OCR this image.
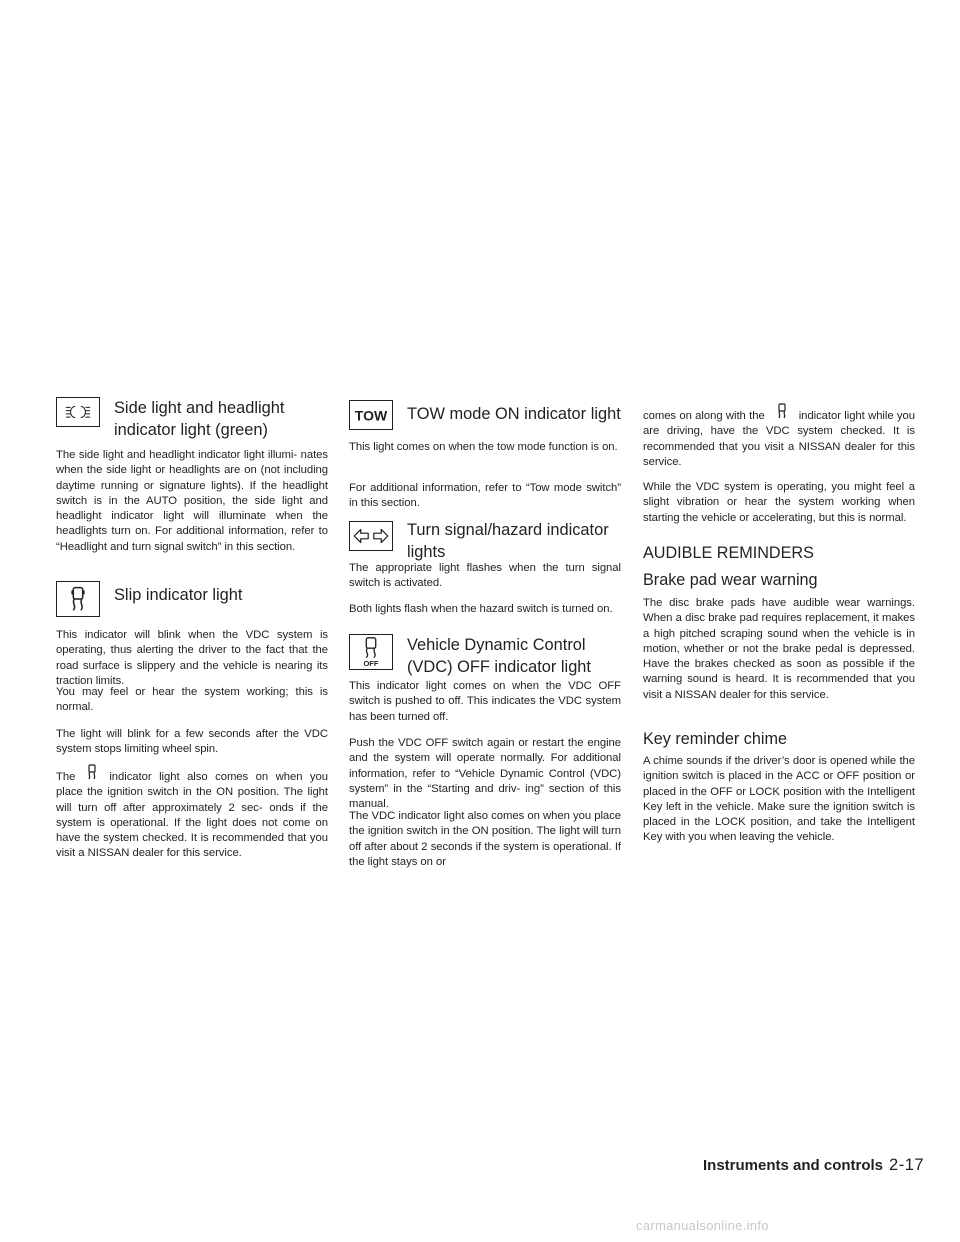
Side light and headlight indicator light (green)

The side light and headlight indicator light illumi- nates when the side light or headlights are on (not including daytime running or signature lights). If the headlight switch is in the AUTO position, the side light and headlight indicator light will illuminate when the headlights turn on. For additional information, refer to “Headlight and turn signal switch” in this section.

Slip indicator light

This indicator will blink when the VDC system is operating, thus alerting the driver to the fact that the road surface is slippery and the vehicle is nearing its traction limits.

You may feel or hear the system working; this is normal.

The light will blink for a few seconds after the VDC system stops limiting wheel spin.

The	indicator light also comes on when you place the ignition switch in the ON position. The light will turn off after approximately 2 sec- onds if the system is operational. If the light does not come on have the system checked. It is recommended that you visit a NISSAN dealer for this service.

TOW TOW mode ON indicator light

This light comes on when the tow mode function is on.

For additional information, refer to “Tow mode switch” in this section.

Turn signal/hazard indicator lights

The appropriate light flashes when the turn signal switch is activated.

Both lights flash when the hazard switch is turned on.

OFF
Vehicle Dynamic Control (VDC) OFF indicator light

This indicator light comes on when the VDC OFF switch is pushed to off. This indicates the VDC system has been turned off.

Push the VDC OFF switch again or restart the engine and the system will operate normally. For additional information, refer to “Vehicle Dynamic Control (VDC) system” in the “Starting and driv- ing” section of this manual.

The VDC indicator light also comes on when you place the ignition switch in the ON position. The light will turn off after about 2 seconds if the system is operational. If the light stays on or

comes on along with the	indicator light while you are driving, have the VDC system checked. It is recommended that you visit a NISSAN dealer for this service.

While the VDC system is operating, you might feel a slight vibration or hear the system working when starting the vehicle or accelerating, but this is normal.

AUDIBLE REMINDERS
Brake pad wear warning

The disc brake pads have audible wear warnings. When a disc brake pad requires replacement, it makes a high pitched scraping sound when the vehicle is in motion, whether or not the brake pedal is depressed. Have the brakes checked as soon as possible if the warning sound is heard. It is recommended that you visit a NISSAN dealer for this service.

Key reminder chime

A chime sounds if the driver’s door is opened while the ignition switch is placed in the ACC or OFF position or placed in the OFF or LOCK position with the Intelligent Key left in the vehicle. Make sure the ignition switch is placed in the LOCK position, and take the Intelligent Key with you when leaving the vehicle.

Instruments and controls 2-17
carmanualsonline.info
